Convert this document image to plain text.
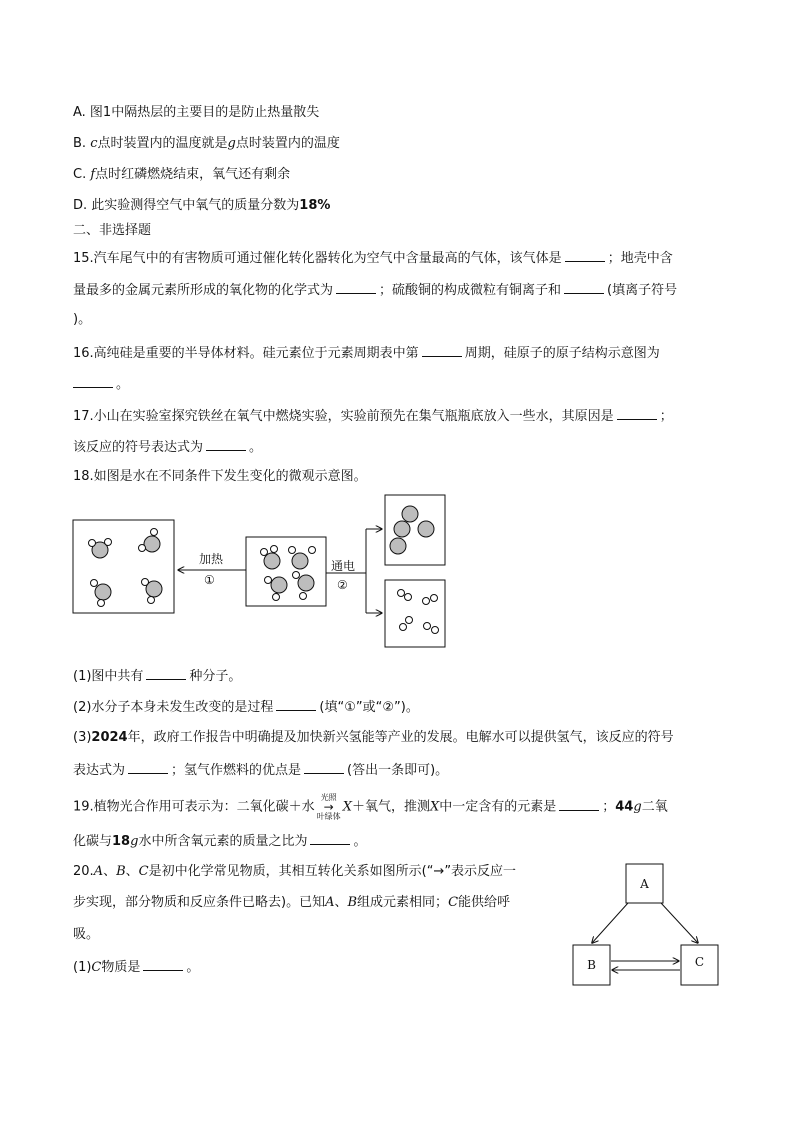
A. 图1中隔热层的主要目的是防止热量散失
B. c点时装置内的温度就是g点时装置内的温度
C. f点时红磷燃烧结束，氧气还有剩余
D. 此实验测得空气中氧气的质量分数为18%
二、非选择题
15.汽车尾气中的有害物质可通过催化转化器转化为空气中含量最高的气体，该气体是	；地壳中含
量最多的金属元素所形成的氧化物的化学式为	；硫酸铜的构成微粒有铜离子和	(填离子符号
)。
16.高纯硅是重要的半导体材料。硅元素位于元素周期表中第	周期，硅原子的原子结构示意图为
。
17.小山在实验室探究铁丝在氧气中燃烧实验，实验前预先在集气瓶瓶底放入一些水，其原因是	；
该反应的符号表达式为	。
18.如图是水在不同条件下发生变化的微观示意图。
加热
①
通电
②
A
B	C
(1)图中共有	种分子。
(2)水分子本身未发生改变的是过程	(填“①”或“②”)。
(3)2024年，政府工作报告中明确提及加快新兴氢能等产业的发展。电解水可以提供氢气，该反应的符号
表达式为	；氢气作燃料的优点是	(答出一条即可)。
19.植物光合作用可表示为：二氧化碳＋水
光照
→
叶绿体
X＋氧气，推测X中一定含有的元素是	；44g二氧
化碳与18g水中所含氧元素的质量之比为	。
20.A、B、C是初中化学常见物质，其相互转化关系如图所示(“→”表示反应一
步实现，部分物质和反应条件已略去)。已知A、B组成元素相同；C能供给呼
吸。
(1)C物质是	。
